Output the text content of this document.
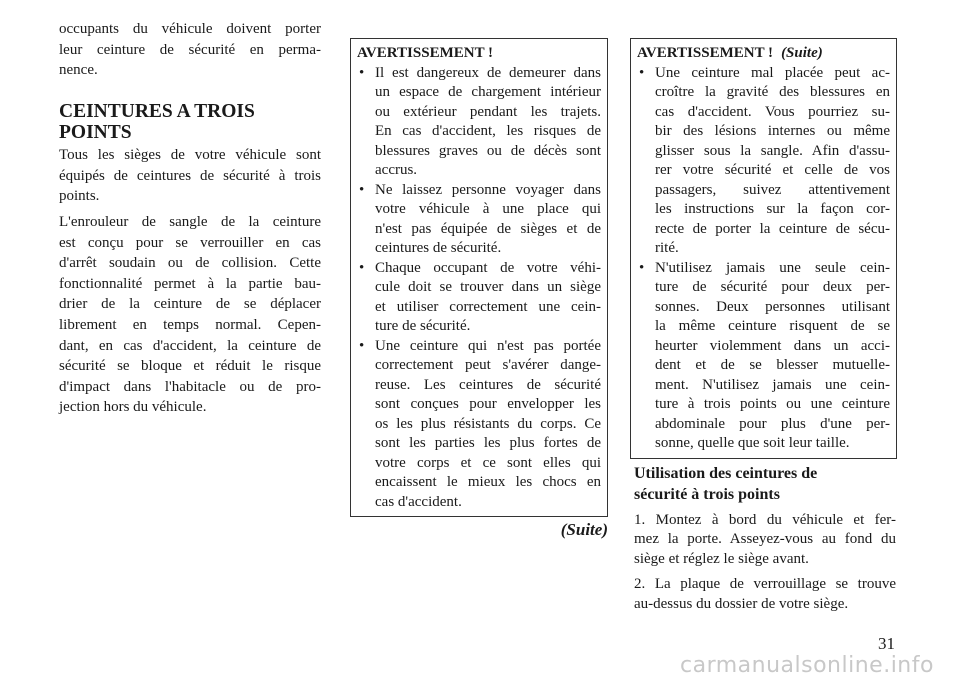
occupants du véhicule doivent porter
leur ceinture de sécurité en perma-
nence.
CEINTURES A TROIS
POINTS
Tous les sièges de votre véhicule sont
équipés de ceintures de sécurité à trois
points.
L'enrouleur de sangle de la ceinture
est conçu pour se verrouiller en cas
d'arrêt soudain ou de collision. Cette
fonctionnalité permet à la partie bau-
drier de la ceinture de se déplacer
librement en temps normal. Cepen-
dant, en cas d'accident, la ceinture de
sécurité se bloque et réduit le risque
d'impact dans l'habitacle ou de pro-
jection hors du véhicule.
AVERTISSEMENT !
• Il est dangereux de demeurer dans
un espace de chargement intérieur
ou extérieur pendant les trajets.
En cas d'accident, les risques de
blessures graves ou de décès sont
accrus.
• Ne laissez personne voyager dans
votre véhicule à une place qui
n'est pas équipée de sièges et de
ceintures de sécurité.
• Chaque occupant de votre véhi-
cule doit se trouver dans un siège
et utiliser correctement une cein-
ture de sécurité.
• Une ceinture qui n'est pas portée
correctement peut s'avérer dange-
reuse. Les ceintures de sécurité
sont conçues pour envelopper les
os les plus résistants du corps. Ce
sont les parties les plus fortes de
votre corps et ce sont elles qui
encaissent le mieux les chocs en
cas d'accident.
(Suite)
AVERTISSEMENT ! (Suite)
• Une ceinture mal placée peut ac-
croître la gravité des blessures en
cas d'accident. Vous pourriez su-
bir des lésions internes ou même
glisser sous la sangle. Afin d'assu-
rer votre sécurité et celle de vos
passagers, suivez attentivement
les instructions sur la façon cor-
recte de porter la ceinture de sécu-
rité.
• N'utilisez jamais une seule cein-
ture de sécurité pour deux per-
sonnes. Deux personnes utilisant
la même ceinture risquent de se
heurter violemment dans un acci-
dent et de se blesser mutuelle-
ment. N'utilisez jamais une cein-
ture à trois points ou une ceinture
abdominale pour plus d'une per-
sonne, quelle que soit leur taille.
Utilisation des ceintures de
sécurité à trois points
1. Montez à bord du véhicule et fer-
mez la porte. Asseyez-vous au fond du
siège et réglez le siège avant.
2. La plaque de verrouillage se trouve
au-dessus du dossier de votre siège.
31
carmanualsonline.info
